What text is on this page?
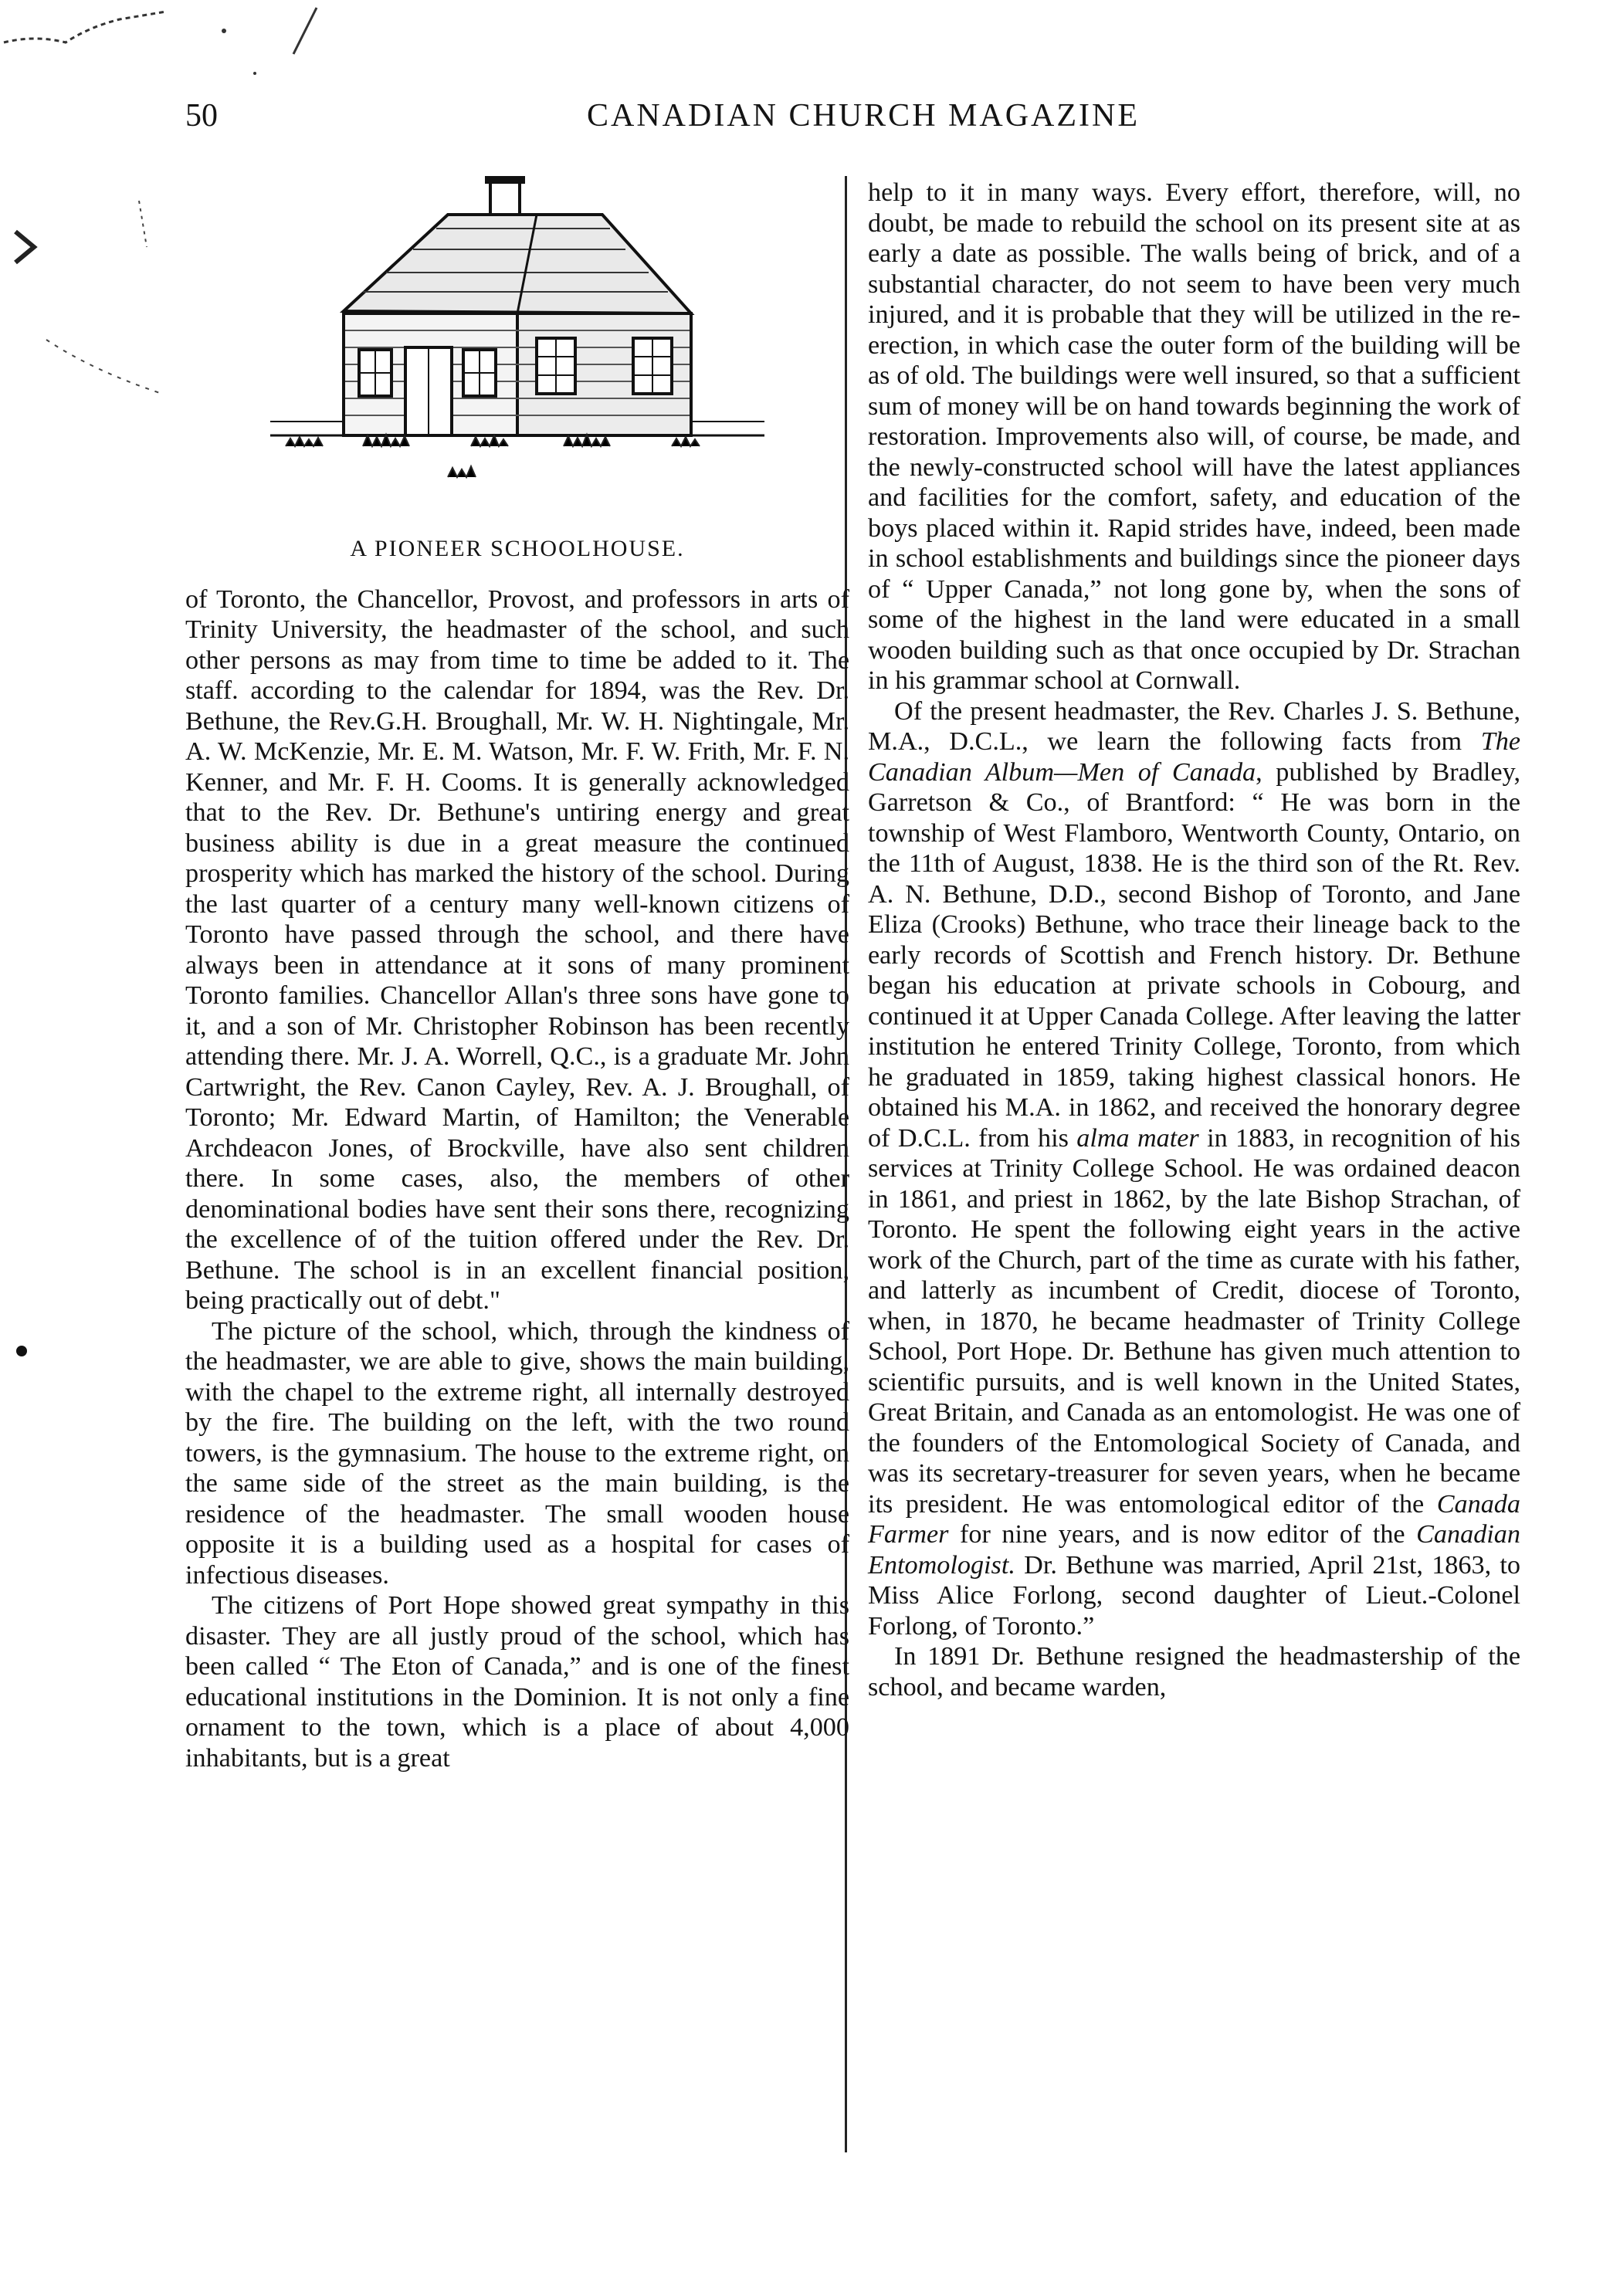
50	CANADIAN CHURCH MAGAZINE
A PIONEER SCHOOLHOUSE.

of Toronto, the Chancellor, Provost, and professors in arts of Trinity University, the headmaster of the school, and such other persons as may from time to time be added to it. The staff. according to the calendar for 1894, was the Rev. Dr. Bethune, the Rev.G.H. Broughall, Mr. W. H. Nightingale, Mr. A. W. McKenzie, Mr. E. M. Watson, Mr. F. W. Frith, Mr. F. N. Kenner, and Mr. F. H. Cooms. It is generally acknowledged that to the Rev. Dr. Bethune's untiring energy and great business ability is due in a great measure the continued prosperity which has marked the history of the school. During the last quarter of a century many well-known citizens of Toronto have passed through the school, and there have always been in attendance at it sons of many prominent Toronto families. Chancellor Allan's three sons have gone to it, and a son of Mr. Christopher Robinson has been recently attending there. Mr. J. A. Worrell, Q.C., is a graduate Mr. John Cartwright, the Rev. Canon Cayley, Rev. A. J. Broughall, of Toronto; Mr. Edward Martin, of Hamilton; the Venerable Archdeacon Jones, of Brockville, have also sent children there. In some cases, also, the members of other denominational bodies have sent their sons there, recognizing the excellence of of the tuition offered under the Rev. Dr. Bethune. The school is in an excellent financial position, being practically out of debt."

The picture of the school, which, through the kindness of the headmaster, we are able to give, shows the main building, with the chapel to the extreme right, all internally destroyed by the fire. The building on the left, with the two round towers, is the gymnasium. The house to the extreme right, on the same side of the street as the main building, is the residence of the headmaster. The small wooden house opposite it is a building used as a hospital for cases of infectious diseases.

The citizens of Port Hope showed great sympathy in this disaster. They are all justly proud of the school, which has been called “ The Eton of Canada,” and is one of the finest educational institutions in the Dominion. It is not only a fine ornament to the town, which is a place of about 4,000 inhabitants, but is a great

help to it in many ways. Every effort, therefore, will, no doubt, be made to rebuild the school on its present site at as early a date as possible. The walls being of brick, and of a substantial character, do not seem to have been very much injured, and it is probable that they will be utilized in the re-erection, in which case the outer form of the building will be as of old. The buildings were well insured, so that a sufficient sum of money will be on hand towards beginning the work of restoration. Improvements also will, of course, be made, and the newly-constructed school will have the latest appliances and facilities for the comfort, safety, and education of the boys placed within it. Rapid strides have, indeed, been made in school establishments and buildings since the pioneer days of “ Upper Canada,” not long gone by, when the sons of some of the highest in the land were educated in a small wooden building such as that once occupied by Dr. Strachan in his grammar school at Cornwall.

Of the present headmaster, the Rev. Charles J. S. Bethune, M.A., D.C.L., we learn the following facts from The Canadian Album—Men of Canada, published by Bradley, Garretson & Co., of Brantford: “ He was born in the township of West Flamboro, Wentworth County, Ontario, on the 11th of August, 1838. He is the third son of the Rt. Rev. A. N. Bethune, D.D., second Bishop of Toronto, and Jane Eliza (Crooks) Bethune, who trace their lineage back to the early records of Scottish and French history. Dr. Bethune began his education at private schools in Cobourg, and continued it at Upper Canada College. After leaving the latter institution he entered Trinity College, Toronto, from which he graduated in 1859, taking highest classical honors. He obtained his M.A. in 1862, and received the honorary degree of D.C.L. from his alma mater in 1883, in recognition of his services at Trinity College School. He was ordained deacon in 1861, and priest in 1862, by the late Bishop Strachan, of Toronto. He spent the following eight years in the active work of the Church, part of the time as curate with his father, and latterly as incumbent of Credit, diocese of Toronto, when, in 1870, he became headmaster of Trinity College School, Port Hope. Dr. Bethune has given much attention to scientific pursuits, and is well known in the United States, Great Britain, and Canada as an entomologist. He was one of the founders of the Entomological Society of Canada, and was its secretary-treasurer for seven years, when he became its president. He was entomological editor of the Canada Farmer for nine years, and is now editor of the Canadian Entomologist. Dr. Bethune was married, April 21st, 1863, to Miss Alice Forlong, second daughter of Lieut.-Colonel Forlong, of Toronto.”

In 1891 Dr. Bethune resigned the headmastership of the school, and became warden,
